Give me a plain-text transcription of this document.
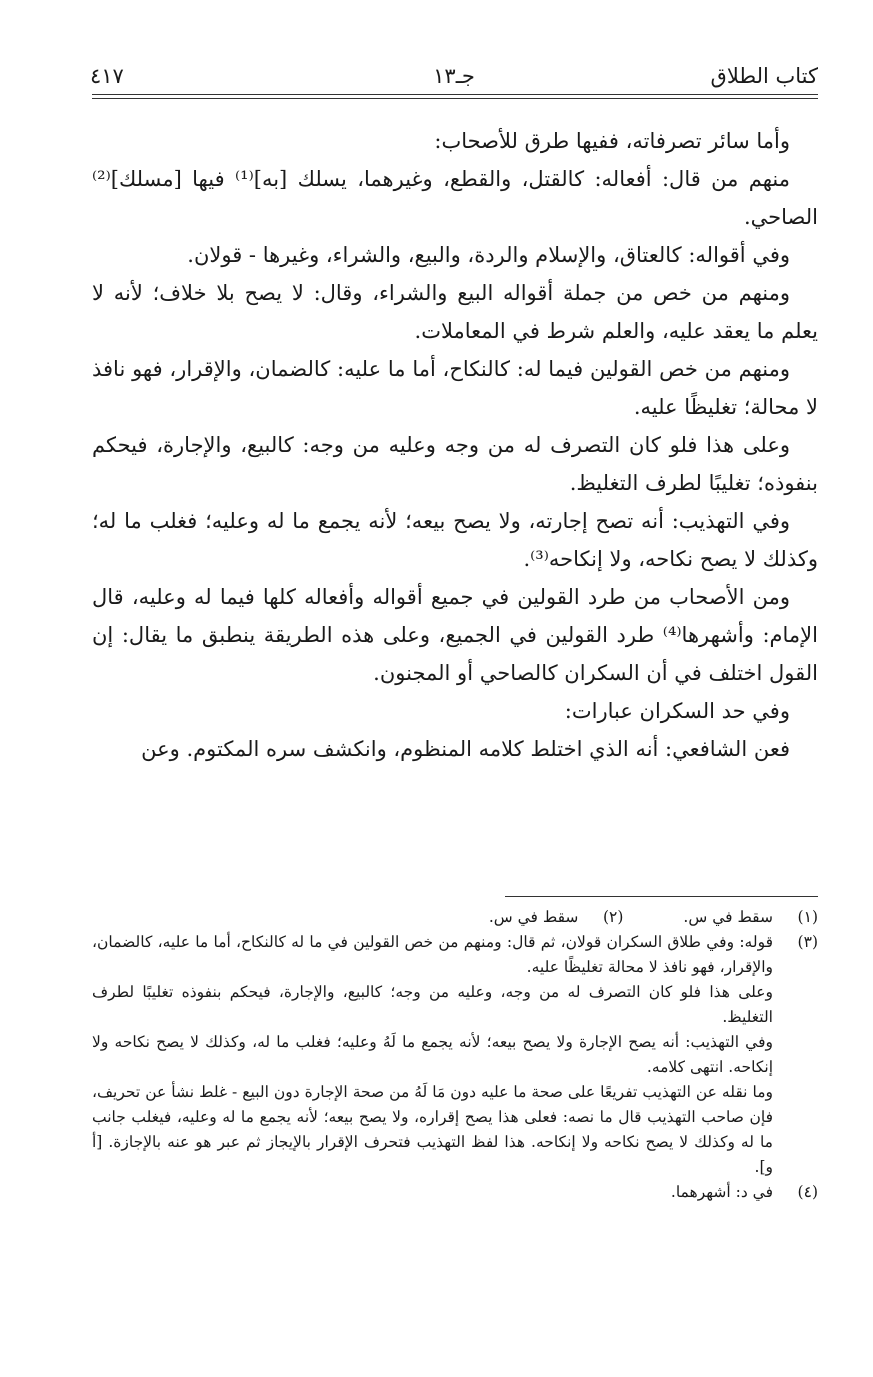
كتاب الطلاق
جـ١٣
٤١٧

وأما سائر تصرفاته، ففيها طرق للأصحاب:

منهم من قال: أفعاله: كالقتل، والقطع، وغيرهما، يسلك [به]⁽¹⁾ فيها [مسلك]⁽²⁾ الصاحي.

وفي أقواله: كالعتاق، والإسلام والردة، والبيع، والشراء، وغيرها - قولان.

ومنهم من خص من جملة أقواله البيع والشراء، وقال: لا يصح بلا خلاف؛ لأنه لا يعلم ما يعقد عليه، والعلم شرط في المعاملات.

ومنهم من خص القولين فيما له: كالنكاح، أما ما عليه: كالضمان، والإقرار، فهو نافذ لا محالة؛ تغليظًا عليه.

وعلى هذا فلو كان التصرف له من وجه وعليه من وجه: كالبيع، والإجارة، فيحكم بنفوذه؛ تغليبًا لطرف التغليظ.

وفي التهذيب: أنه تصح إجارته، ولا يصح بيعه؛ لأنه يجمع ما له وعليه؛ فغلب ما له؛ وكذلك لا يصح نكاحه، ولا إنكاحه⁽³⁾.

ومن الأصحاب من طرد القولين في جميع أقواله وأفعاله كلها فيما له وعليه، قال الإمام: وأشهرها⁽⁴⁾ طرد القولين في الجميع، وعلى هذه الطريقة ينطبق ما يقال: إن القول اختلف في أن السكران كالصاحي أو المجنون.

وفي حد السكران عبارات:

فعن الشافعي: أنه الذي اختلط كلامه المنظوم، وانكشف سره المكتوم. وعن

(١)
سقط في س.
(٢)
سقط في س.
(٣)
قوله: وفي طلاق السكران قولان، ثم قال: ومنهم من خص القولين في ما له كالنكاح، أما ما عليه، كالضمان، والإقرار، فهو نافذ لا محالة تغليظًا عليه.
وعلى هذا فلو كان التصرف له من وجه، وعليه من وجه؛ كالبيع، والإجارة، فيحكم بنفوذه تغليبًا لطرف التغليظ.
وفي التهذيب: أنه يصح الإجارة ولا يصح بيعه؛ لأنه يجمع ما لَهُ وعليه؛ فغلب ما له، وكذلك لا يصح نكاحه ولا إنكاحه. انتهى كلامه.
وما نقله عن التهذيب تفريعًا على صحة ما عليه دون مَا لَهُ من صحة الإجارة دون البيع - غلط نشأ عن تحريف، فإن صاحب التهذيب قال ما نصه: فعلى هذا يصح إقراره، ولا يصح بيعه؛ لأنه يجمع ما له وعليه، فيغلب جانب ما له وكذلك لا يصح نكاحه ولا إنكاحه. هذا لفظ التهذيب فتحرف الإقرار بالإيجاز ثم عبر هو عنه بالإجازة. [أ و].
(٤)
في د: أشهرهما.
